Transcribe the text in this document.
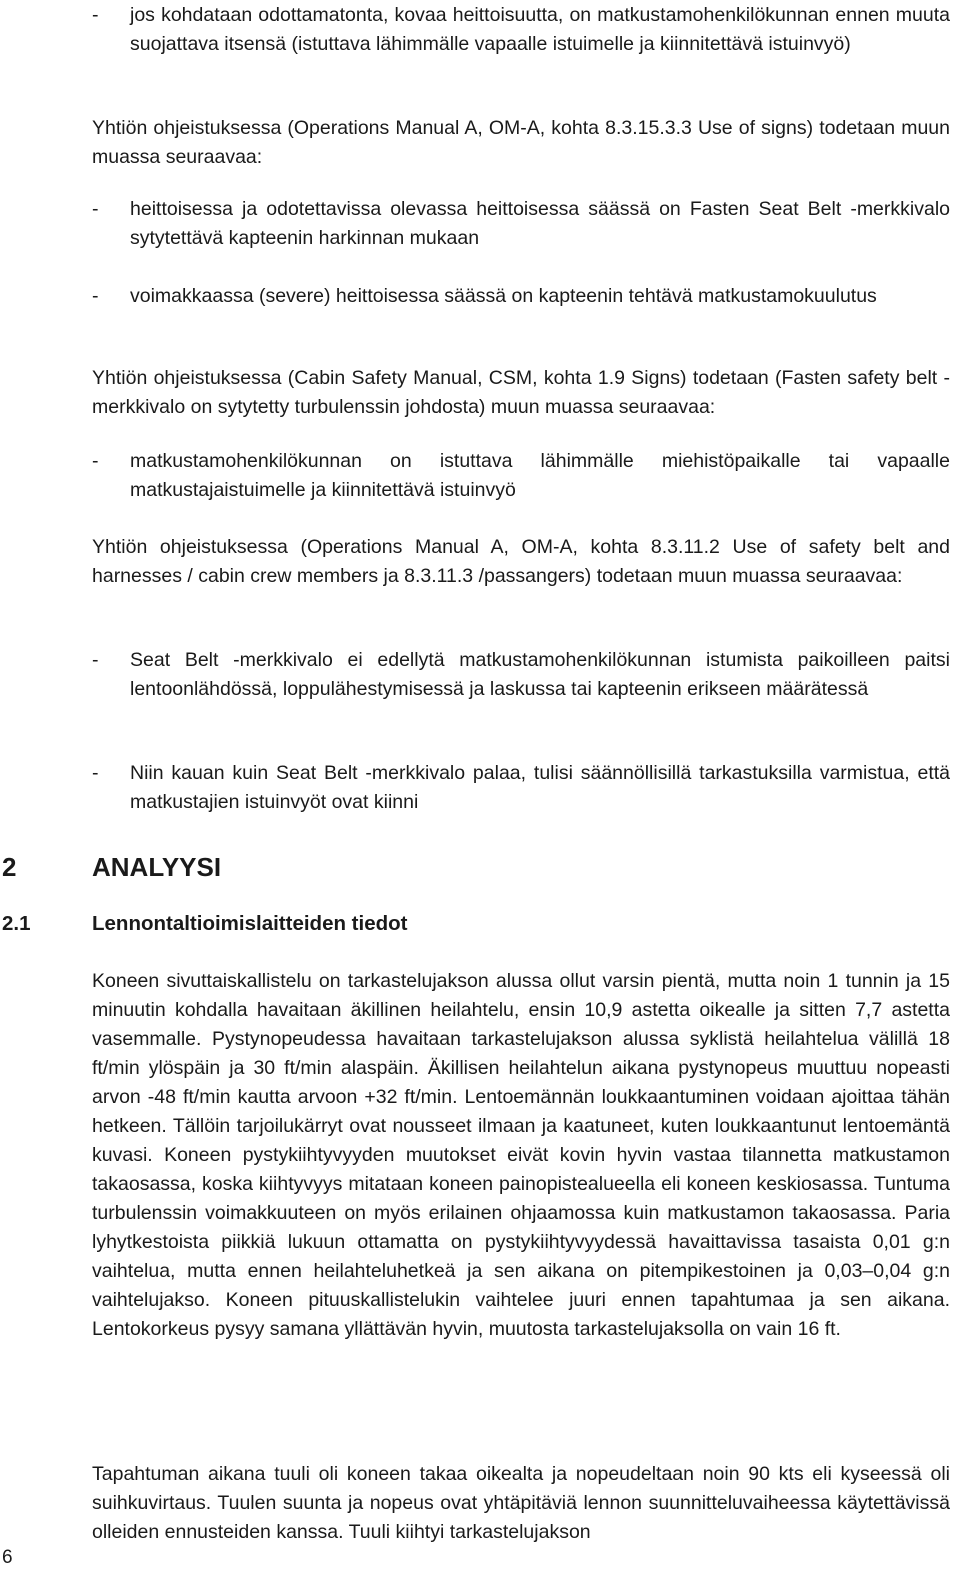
-	jos kohdataan odottamatonta, kovaa heittoisuutta, on matkustamohenkilökunnan ennen muuta suojattava itsensä (istuttava lähimmälle vapaalle istuimelle ja kiinnitettävä istuinvyö)

Yhtiön ohjeistuksessa (Operations Manual A, OM-A, kohta 8.3.15.3.3 Use of signs) todetaan muun muassa seuraavaa:

-	heittoisessa ja odotettavissa olevassa heittoisessa säässä on Fasten Seat Belt -merkkivalo sytytettävä kapteenin harkinnan mukaan
-	voimakkaassa (severe) heittoisessa säässä on kapteenin tehtävä matkustamokuulutus

Yhtiön ohjeistuksessa (Cabin Safety Manual, CSM, kohta 1.9 Signs) todetaan (Fasten safety belt -merkkivalo on sytytetty turbulenssin johdosta) muun muassa seuraavaa:

-	matkustamohenkilökunnan on istuttava lähimmälle miehistöpaikalle tai vapaalle matkustajaistuimelle ja kiinnitettävä istuinvyö

Yhtiön ohjeistuksessa (Operations Manual A, OM-A, kohta 8.3.11.2 Use of safety belt and harnesses / cabin crew members ja 8.3.11.3 /passangers) todetaan muun muassa seuraavaa:

-	Seat Belt -merkkivalo ei edellytä matkustamohenkilökunnan istumista paikoilleen paitsi lentoonlähdössä, loppulähestymisessä ja laskussa tai kapteenin erikseen määrätessä
-	Niin kauan kuin Seat Belt -merkkivalo palaa, tulisi säännöllisillä tarkastuksilla varmistua, että matkustajien istuinvyöt ovat kiinni
2	ANALYYSI
2.1	Lennontaltioimislaitteiden tiedot

Koneen sivuttaiskallistelu on tarkastelujakson alussa ollut varsin pientä, mutta noin 1 tunnin ja 15 minuutin kohdalla havaitaan äkillinen heilahtelu, ensin 10,9 astetta oikealle ja sitten 7,7 astetta vasemmalle. Pystynopeudessa havaitaan tarkastelujakson alussa syklistä heilahtelua välillä 18 ft/min ylöspäin ja 30 ft/min alaspäin. Äkillisen heilahtelun aikana pystynopeus muuttuu nopeasti arvon -48 ft/min kautta arvoon +32 ft/min. Lentoemännän loukkaantuminen voidaan ajoittaa tähän hetkeen. Tällöin tarjoilukärryt ovat nousseet ilmaan ja kaatuneet, kuten loukkaantunut lentoemäntä kuvasi. Koneen pystykiihtyvyyden muutokset eivät kovin hyvin vastaa tilannetta matkustamon takaosassa, koska kiihtyvyys mitataan koneen painopistealueella eli koneen keskiosassa. Tuntuma turbulenssin voimakkuuteen on myös erilainen ohjaamossa kuin matkustamon takaosassa. Paria lyhytkestoista piikkiä lukuun ottamatta on pystykiihtyvyydessä havaittavissa tasaista 0,01 g:n vaihtelua, mutta ennen heilahteluhetkeä ja sen aikana on pitempikestoinen ja 0,03–0,04 g:n vaihtelujakso. Koneen pituuskallistelukin vaihtelee juuri ennen tapahtumaa ja sen aikana. Lentokorkeus pysyy samana yllättävän hyvin, muutosta tarkastelujaksolla on vain 16 ft.

Tapahtuman aikana tuuli oli koneen takaa oikealta ja nopeudeltaan noin 90 kts eli kyseessä oli suihkuvirtaus. Tuulen suunta ja nopeus ovat yhtäpitäviä lennon suunnitteluvaiheessa käytettävissä olleiden ennusteiden kanssa. Tuuli kiihtyi tarkastelujakson

6
